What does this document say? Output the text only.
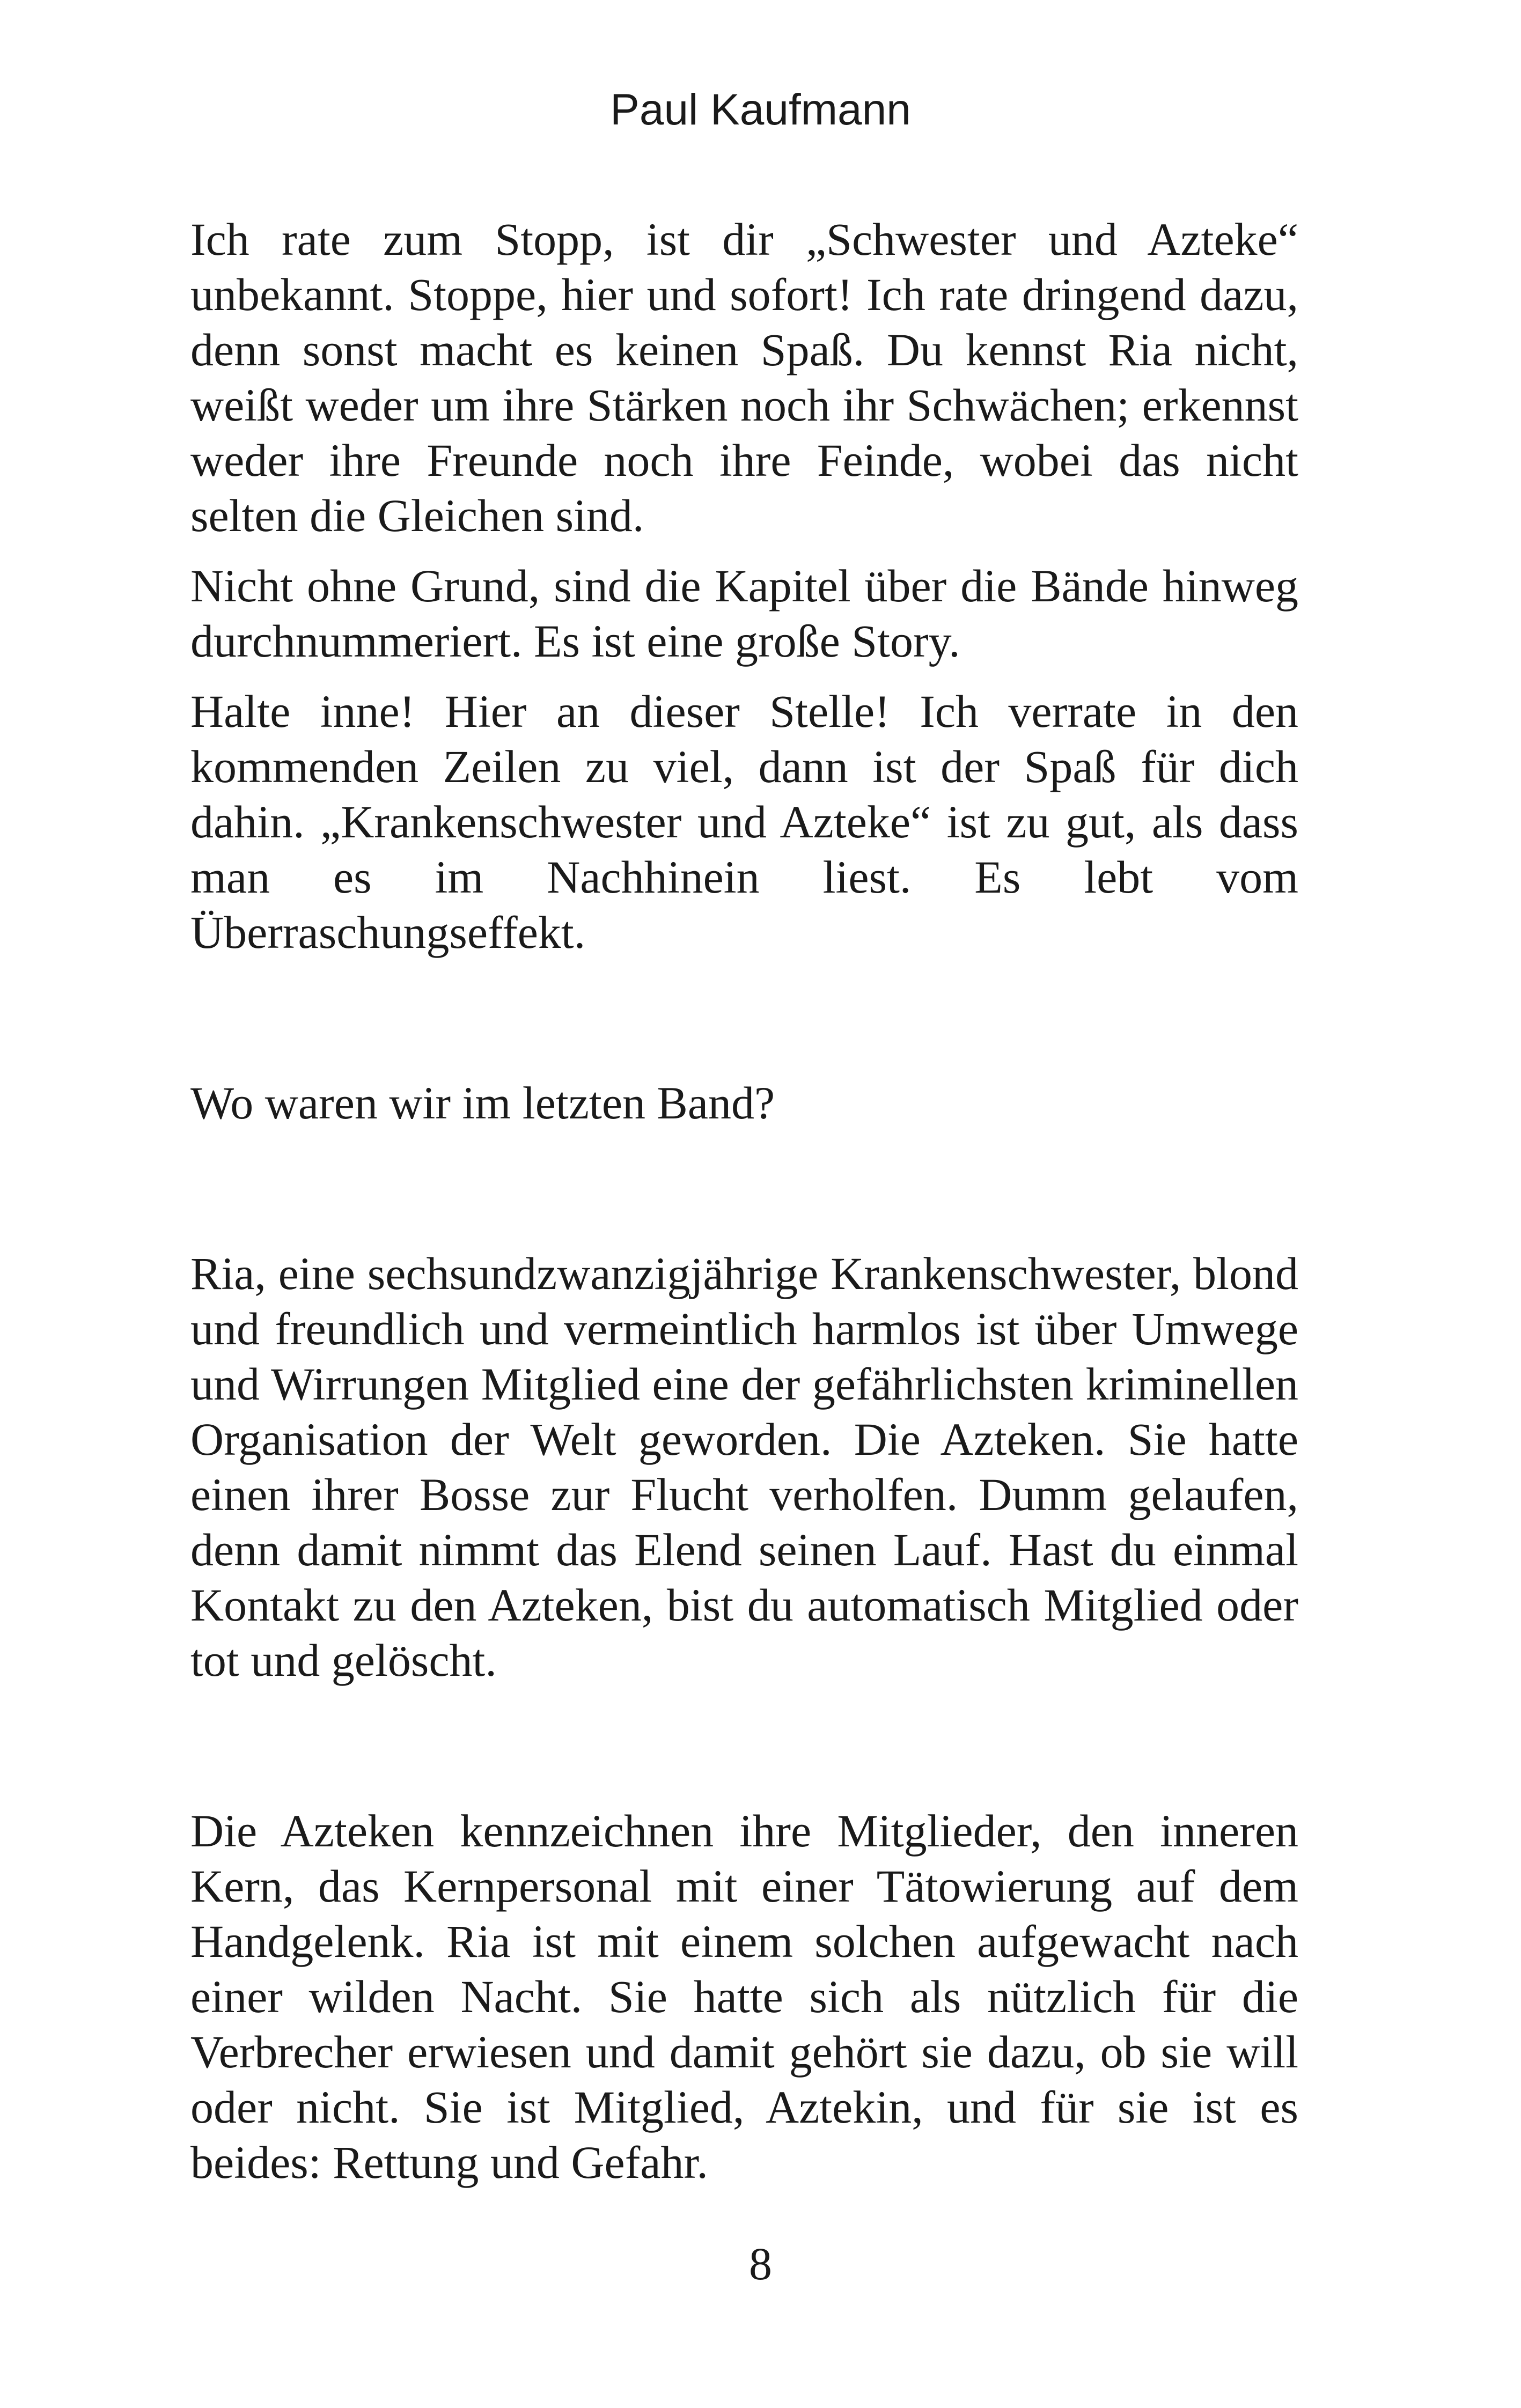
Paul Kaufmann

Ich rate zum Stopp, ist dir „Schwester und Azteke“ unbekannt. Stoppe, hier und sofort! Ich rate dringend dazu, denn sonst macht es keinen Spaß. Du kennst Ria nicht, weißt weder um ihre Stärken noch ihr Schwächen; erkennst weder ihre Freunde noch ihre Feinde, wobei das nicht selten die Gleichen sind.

Nicht ohne Grund, sind die Kapitel über die Bände hinweg durchnummeriert. Es ist eine große Story.

Halte inne! Hier an dieser Stelle! Ich verrate in den kommenden Zeilen zu viel, dann ist der Spaß für dich dahin. „Krankenschwester und Azteke“ ist zu gut, als dass man es im Nachhinein liest. Es lebt vom Überraschungseffekt.

Wo waren wir im letzten Band?

Ria, eine sechsundzwanzigjährige Krankenschwester, blond und freundlich und vermeintlich harmlos ist über Umwege und Wirrungen Mitglied eine der gefährlichsten kriminellen Organisation der Welt geworden. Die Azteken. Sie hatte einen ihrer Bosse zur Flucht verholfen. Dumm gelaufen, denn damit nimmt das Elend seinen Lauf. Hast du einmal Kontakt zu den Azteken, bist du automatisch Mitglied oder tot und gelöscht.

Die Azteken kennzeichnen ihre Mitglieder, den inneren Kern, das Kernpersonal mit einer Tätowierung auf dem Handgelenk. Ria ist mit einem solchen aufgewacht nach einer wilden Nacht. Sie hatte sich als nützlich für die Verbrecher erwiesen und damit gehört sie dazu, ob sie will oder nicht. Sie ist Mitglied, Aztekin, und für sie ist es beides: Rettung und Gefahr.

8
